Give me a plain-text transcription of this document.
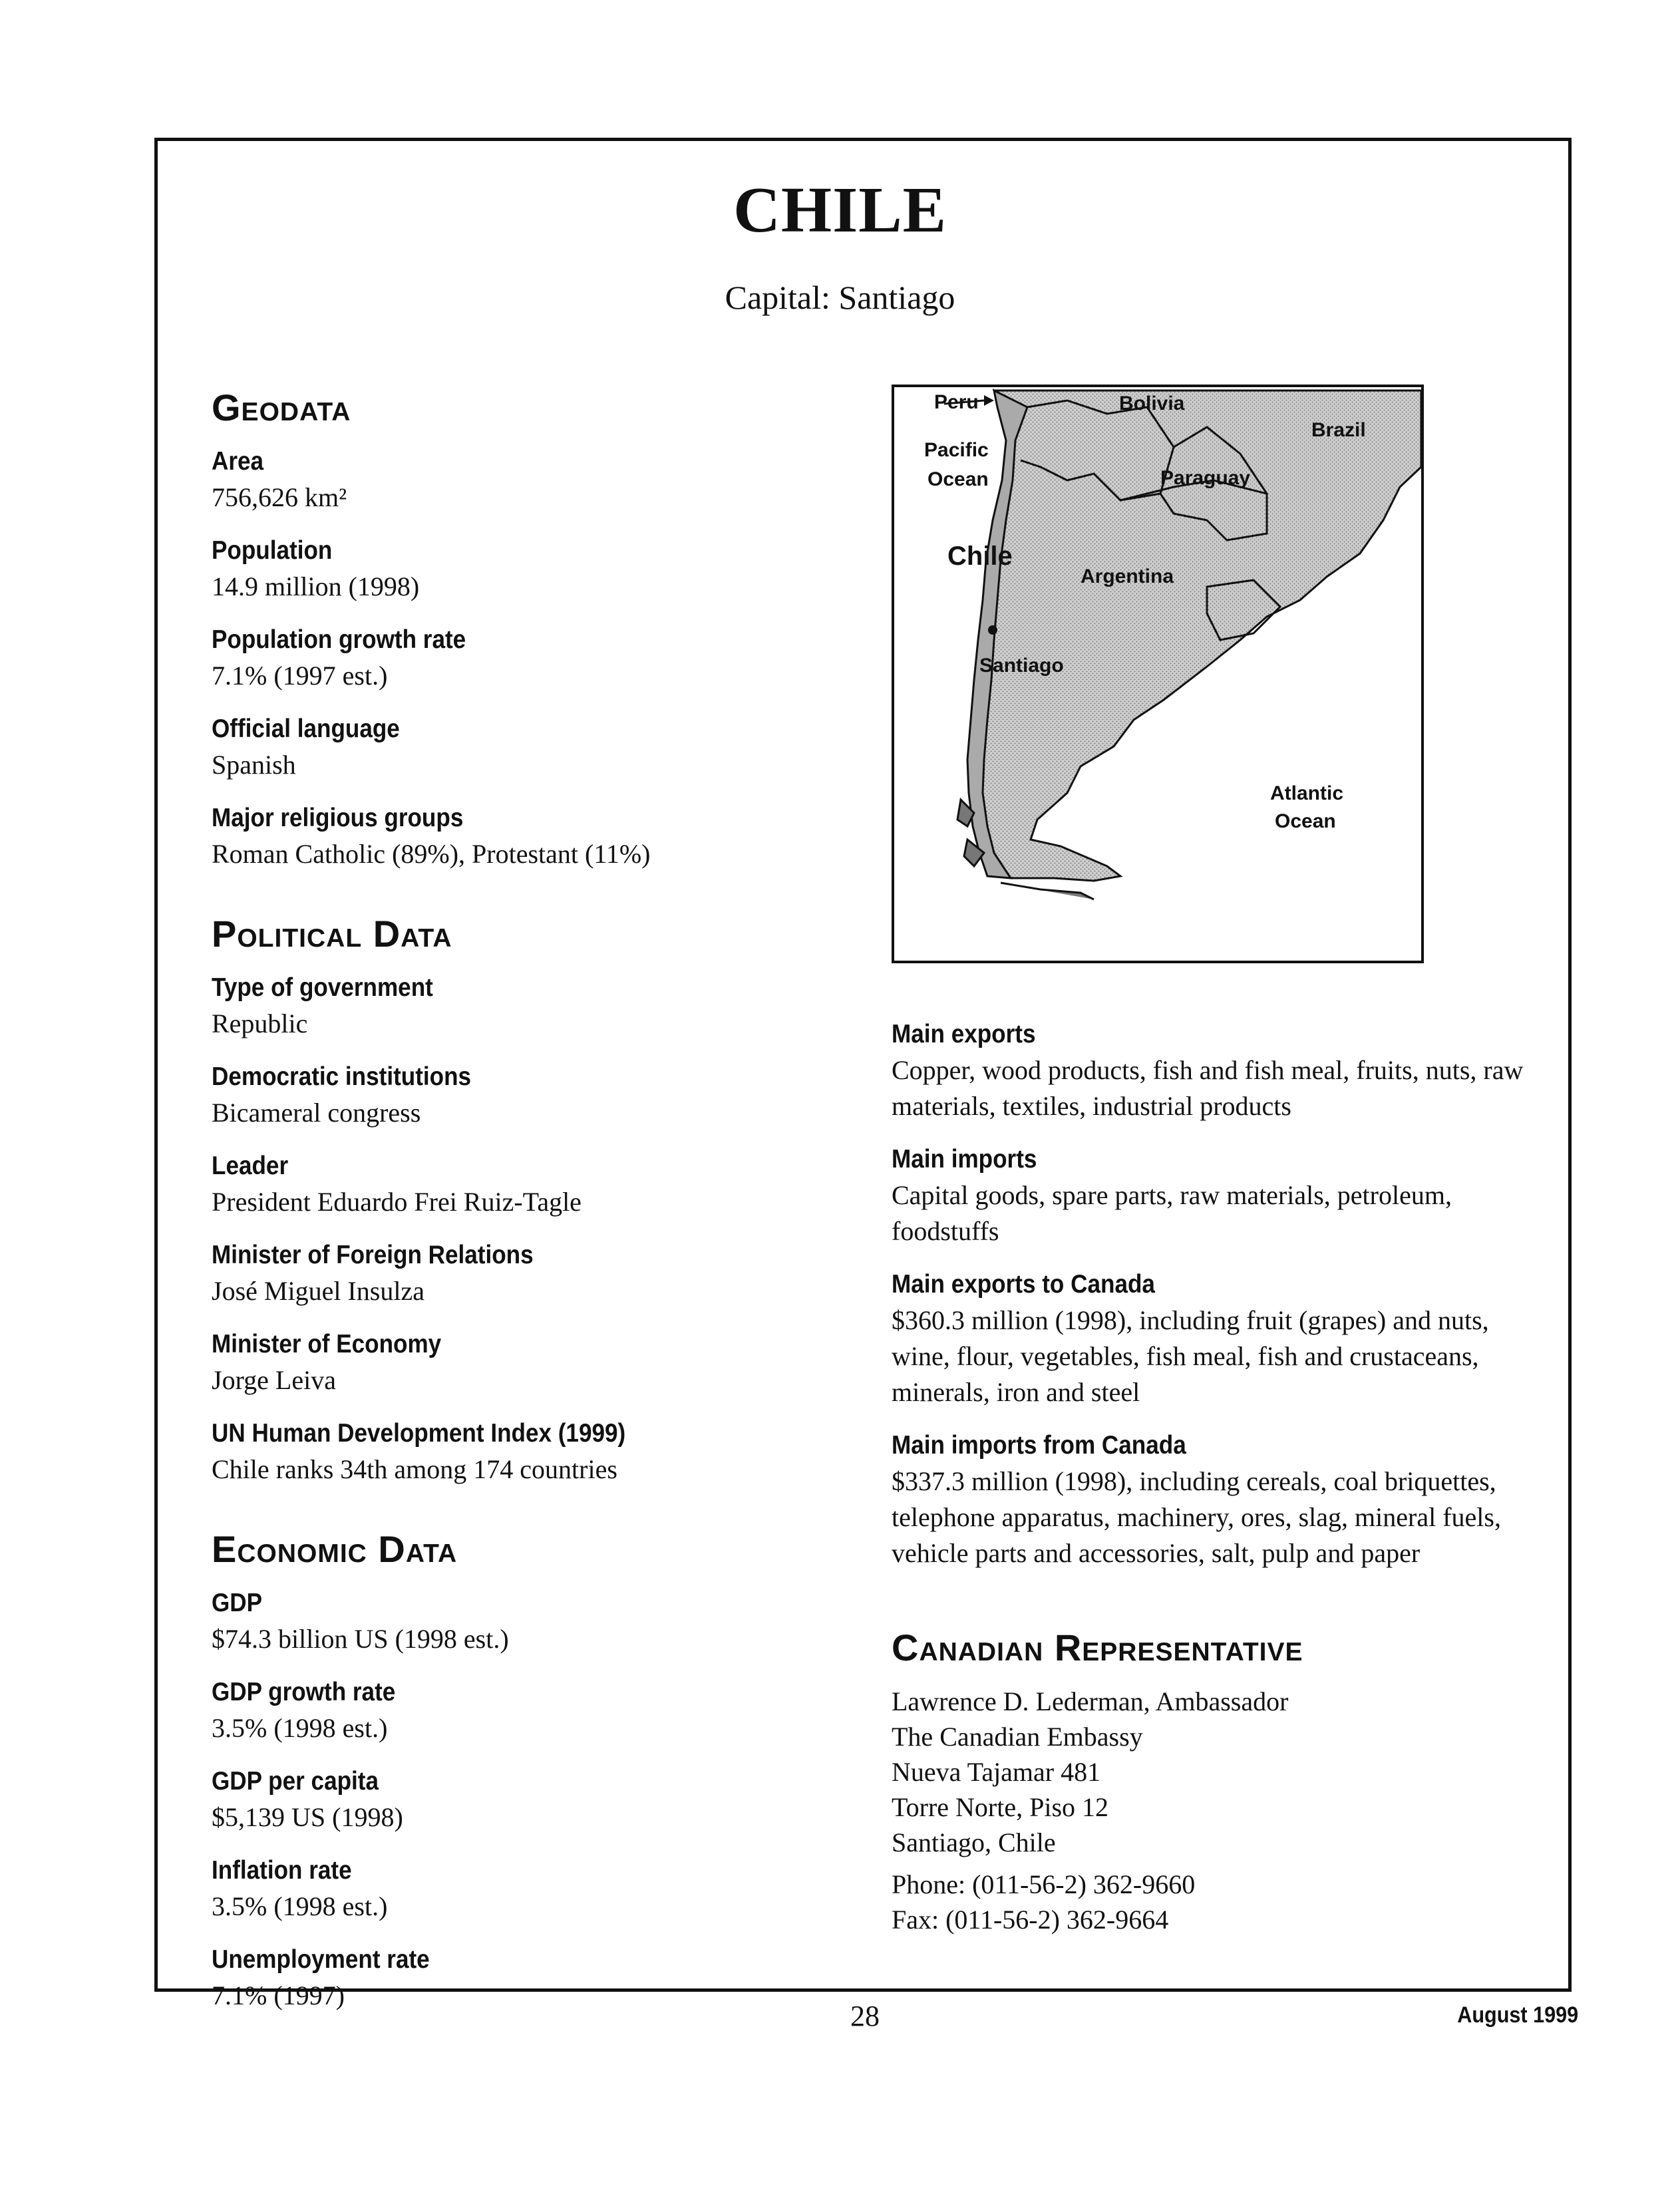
CHILE
Capital: Santiago
Geodata
Area

756,626 km²

Population

14.9 million (1998)

Population growth rate

7.1% (1997 est.)

Official language

Spanish

Major religious groups

Roman Catholic (89%), Protestant (11%)

Political Data
Type of government

Republic

Democratic institutions

Bicameral congress

Leader

President Eduardo Frei Ruiz-Tagle

Minister of Foreign Relations

José Miguel Insulza

Minister of Economy

Jorge Leiva

UN Human Development Index (1999)

Chile ranks 34th among 174 countries

Economic Data
GDP

$74.3 billion US (1998 est.)

GDP growth rate

3.5% (1998 est.)

GDP per capita

$5,139 US (1998)

Inflation rate

3.5% (1998 est.)

Unemployment rate

7.1% (1997)

Peru	Bolivia
Brazil
Pacific
Ocean	Paraguay
Chile
Argentina
Santiago
Atlantic
Ocean
Main exports

Copper, wood products, fish and fish meal, fruits, nuts, raw materials, textiles, industrial products

Main imports

Capital goods, spare parts, raw materials, petroleum, foodstuffs

Main exports to Canada

$360.3 million (1998), including fruit (grapes) and nuts, wine, flour, vegetables, fish meal, fish and crustaceans, minerals, iron and steel

Main imports from Canada

$337.3 million (1998), including cereals, coal briquettes, telephone apparatus, machinery, ores, slag, mineral fuels, vehicle parts and accessories, salt, pulp and paper

Canadian Representative

Lawrence D. Lederman, Ambassador

The Canadian Embassy

Nueva Tajamar 481

Torre Norte, Piso 12

Santiago, Chile

Phone: (011-56-2) 362-9660

Fax: (011-56-2) 362-9664

28	August 1999
